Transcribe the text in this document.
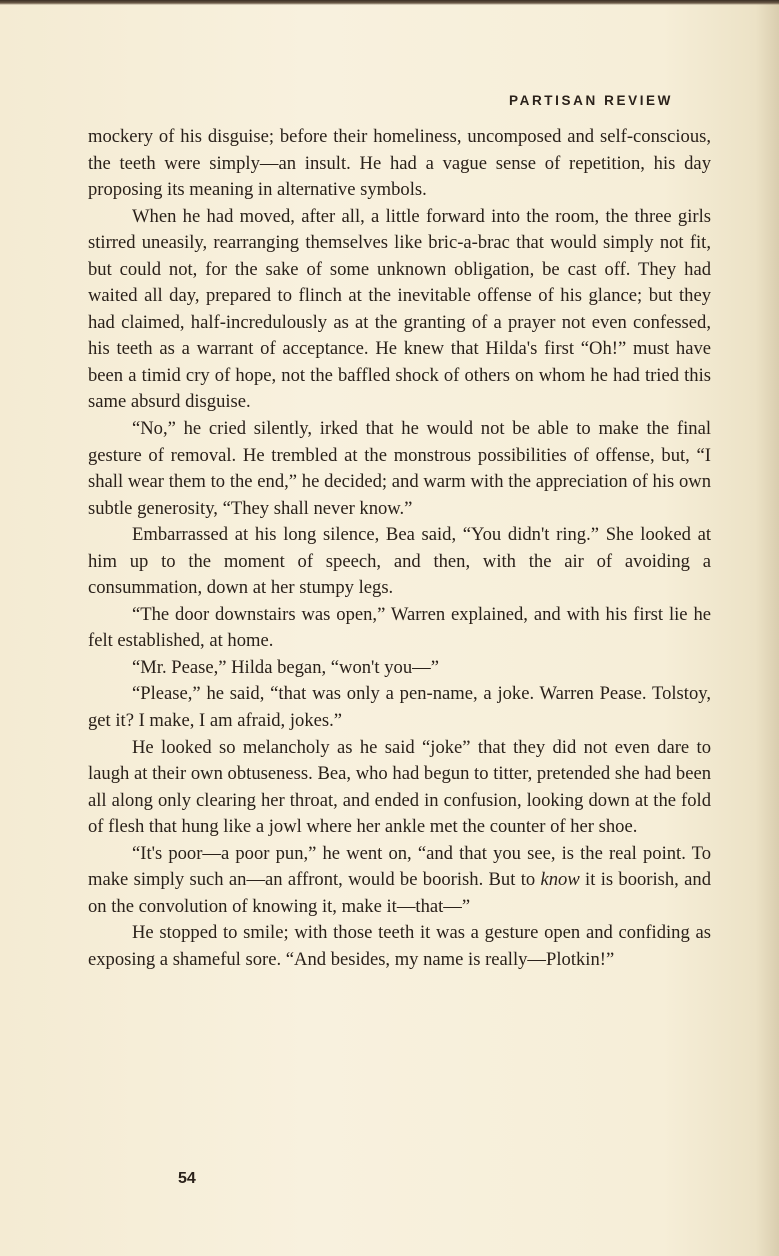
PARTISAN REVIEW

mockery of his disguise; before their homeliness, uncomposed and self-conscious, the teeth were simply—an insult. He had a vague sense of repetition, his day proposing its meaning in alternative symbols.

When he had moved, after all, a little forward into the room, the three girls stirred uneasily, rearranging themselves like bric-a-brac that would simply not fit, but could not, for the sake of some unknown obligation, be cast off. They had waited all day, prepared to flinch at the inevitable offense of his glance; but they had claimed, half-incredulously as at the granting of a prayer not even confessed, his teeth as a warrant of acceptance. He knew that Hilda's first “Oh!” must have been a timid cry of hope, not the baffled shock of others on whom he had tried this same absurd disguise.

“No,” he cried silently, irked that he would not be able to make the final gesture of removal. He trembled at the monstrous possibilities of offense, but, “I shall wear them to the end,” he decided; and warm with the appreciation of his own subtle generosity, “They shall never know.”

Embarrassed at his long silence, Bea said, “You didn't ring.” She looked at him up to the moment of speech, and then, with the air of avoiding a consummation, down at her stumpy legs.

“The door downstairs was open,” Warren explained, and with his first lie he felt established, at home.

“Mr. Pease,” Hilda began, “won't you—”

“Please,” he said, “that was only a pen-name, a joke. Warren Pease. Tolstoy, get it? I make, I am afraid, jokes.”

He looked so melancholy as he said “joke” that they did not even dare to laugh at their own obtuseness. Bea, who had begun to titter, pretended she had been all along only clearing her throat, and ended in confusion, looking down at the fold of flesh that hung like a jowl where her ankle met the counter of her shoe.

“It's poor—a poor pun,” he went on, “and that you see, is the real point. To make simply such an—an affront, would be boorish. But to know it is boorish, and on the convolution of knowing it, make it—that—”

He stopped to smile; with those teeth it was a gesture open and confiding as exposing a shameful sore. “And besides, my name is really—Plotkin!”

54
